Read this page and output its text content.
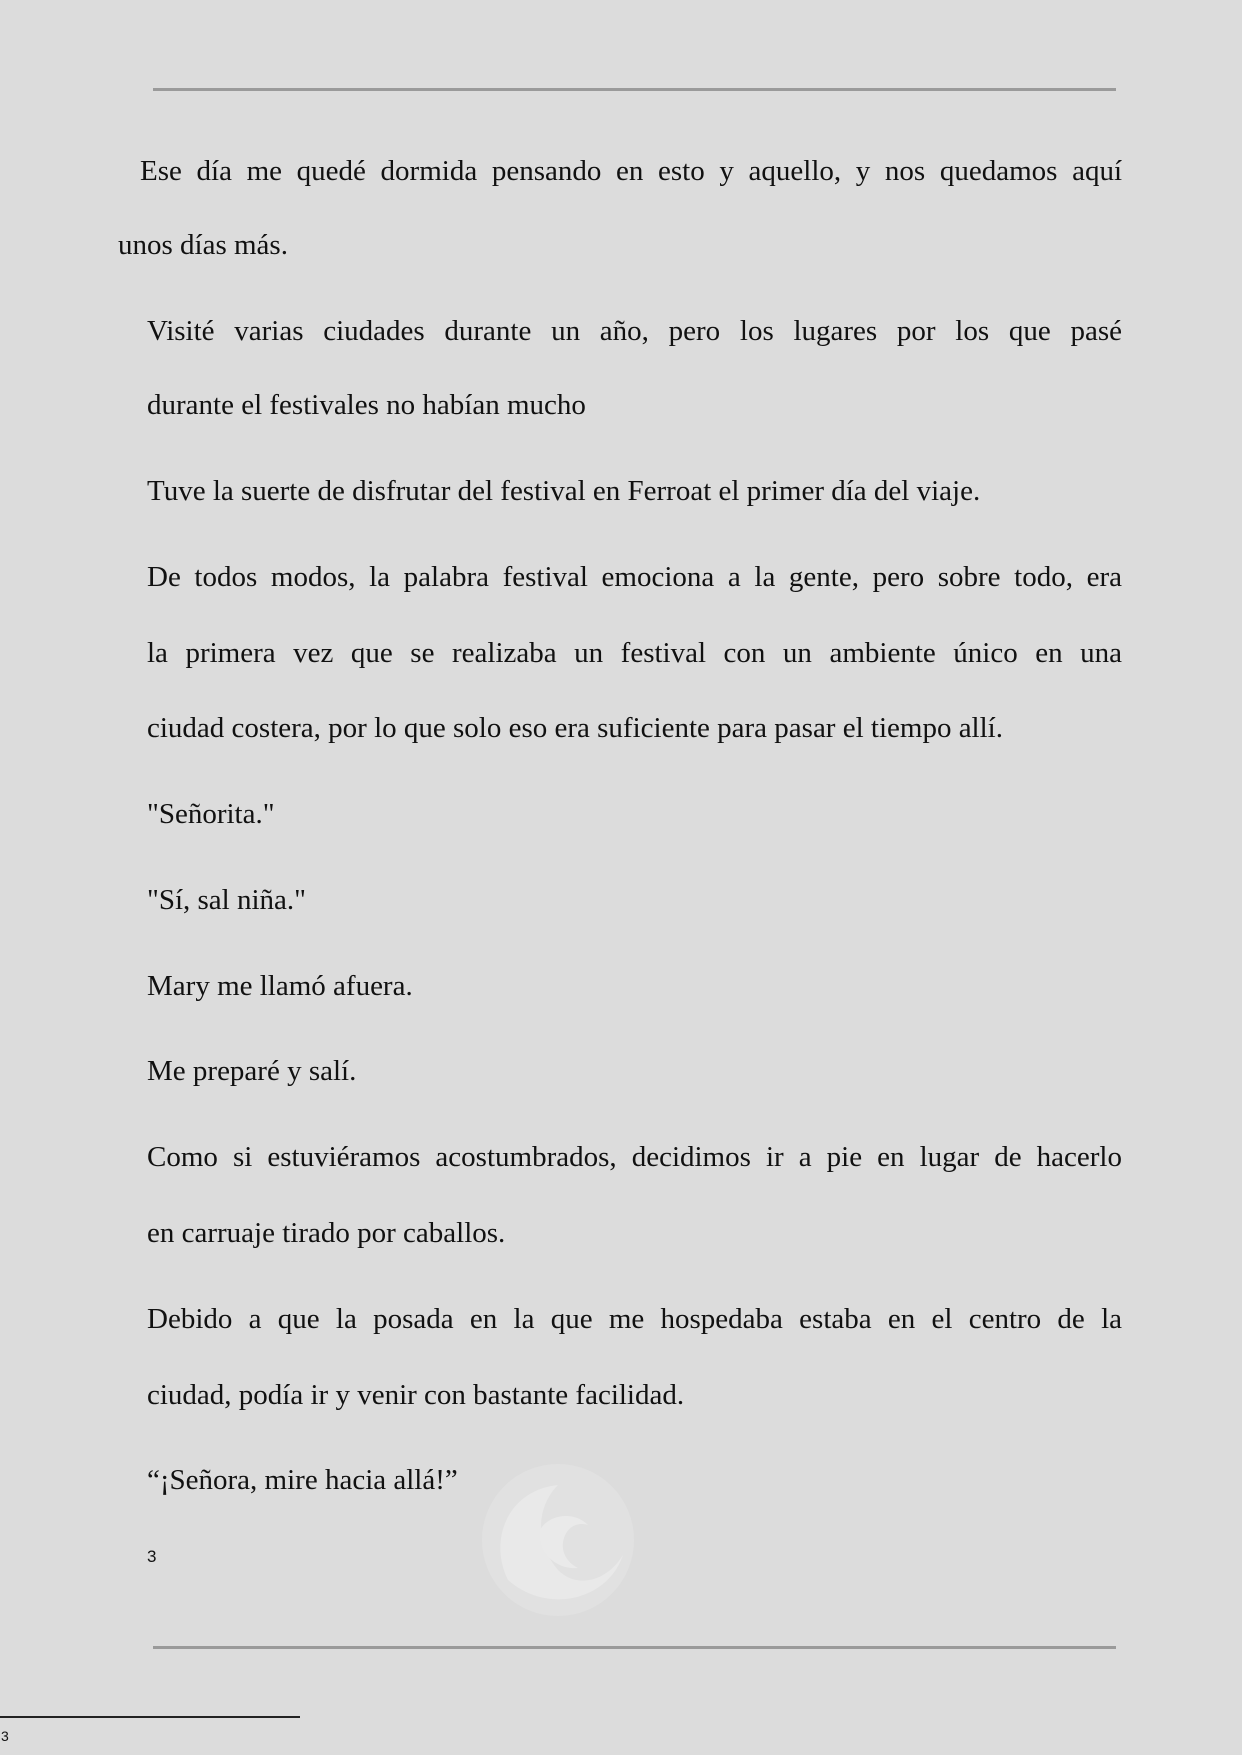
Ese día me quedé dormida pensando en esto y aquello, y nos quedamos aquí
unos días más.
Visité varias ciudades durante un año, pero los lugares por los que pasé
durante el festivales no habían mucho
Tuve la suerte de disfrutar del festival en Ferroat el primer día del viaje.
De todos modos, la palabra festival emociona a la gente, pero sobre todo, era
la primera vez que se realizaba un festival con un ambiente único en una
ciudad costera, por lo que solo eso era suficiente para pasar el tiempo allí.
"Señorita."
"Sí, sal niña."
Mary me llamó afuera.
Me preparé y salí.
Como si estuviéramos acostumbrados, decidimos ir a pie en lugar de hacerlo
en carruaje tirado por caballos.
Debido a que la posada en la que me hospedaba estaba en el centro de la
ciudad, podía ir y venir con bastante facilidad.
“¡Señora, mire hacia allá!”
3
3
